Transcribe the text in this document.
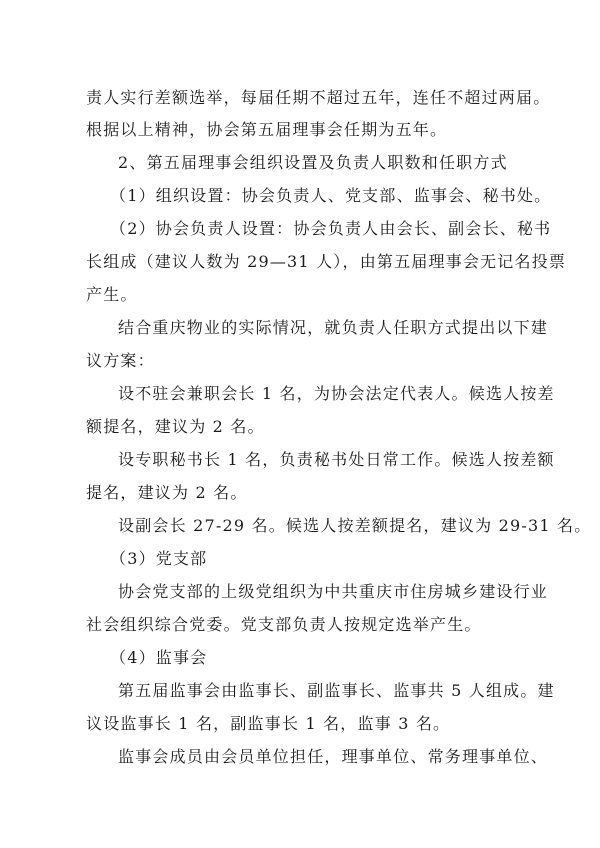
责人实行差额选举，每届任期不超过五年，连任不超过两届。
根据以上精神，协会第五届理事会任期为五年。
2、第五届理事会组织设置及负责人职数和任职方式
（1）组织设置：协会负责人、党支部、监事会、秘书处。
（2）协会负责人设置：协会负责人由会长、副会长、秘书
长组成（建议人数为 29—31 人），由第五届理事会无记名投票
产生。
结合重庆物业的实际情况，就负责人任职方式提出以下建
议方案：
设不驻会兼职会长 1 名，为协会法定代表人。候选人按差
额提名，建议为 2 名。
设专职秘书长 1 名，负责秘书处日常工作。候选人按差额
提名，建议为 2 名。
设副会长 27-29 名。候选人按差额提名，建议为 29-31 名。
（3）党支部
协会党支部的上级党组织为中共重庆市住房城乡建设行业
社会组织综合党委。党支部负责人按规定选举产生。
（4）监事会
第五届监事会由监事长、副监事长、监事共 5 人组成。建
议设监事长 1 名，副监事长 1 名，监事 3 名。
监事会成员由会员单位担任，理事单位、常务理事单位、
